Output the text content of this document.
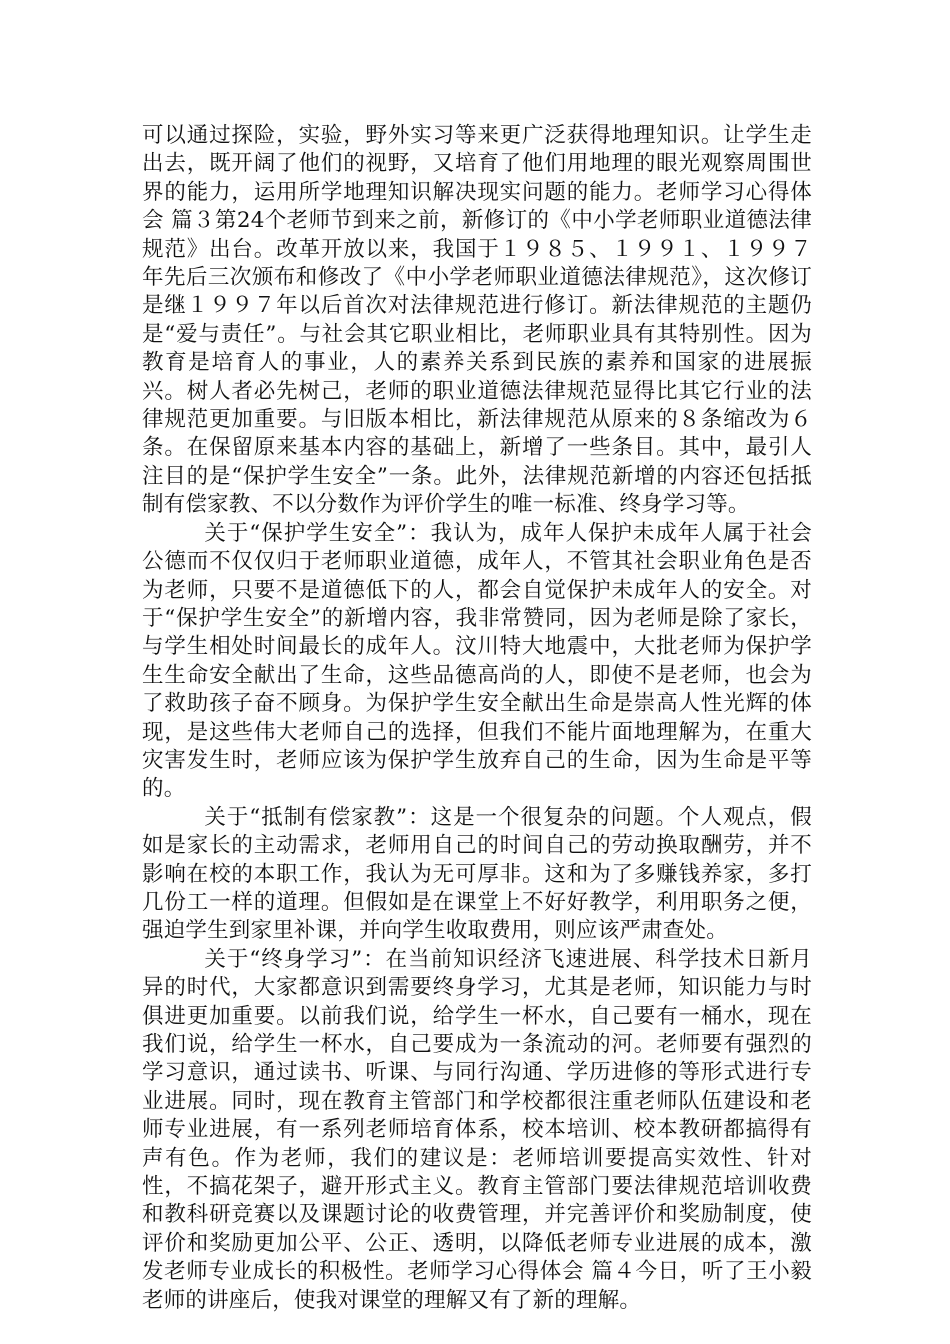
可以通过探险，实验，野外实习等来更广泛获得地理知识。让学生走出去，既开阔了他们的视野，又培育了他们用地理的眼光观察周围世界的能力，运用所学地理知识解决现实问题的能力。老师学习心得体会 篇３第24个老师节到来之前，新修订的《中小学老师职业道德法律规范》出台。改革开放以来，我国于１９８５、１９９１、１９９７年先后三次颁布和修改了《中小学老师职业道德法律规范》，这次修订是继１９９７年以后首次对法律规范进行修订。新法律规范的主题仍是“爱与责任”。与社会其它职业相比，老师职业具有其特别性。因为教育是培育人的事业，人的素养关系到民族的素养和国家的进展振兴。树人者必先树己，老师的职业道德法律规范显得比其它行业的法律规范更加重要。与旧版本相比，新法律规范从原来的８条缩改为６条。在保留原来基本内容的基础上，新增了一些条目。其中，最引人注目的是“保护学生安全”一条。此外，法律规范新增的内容还包括抵制有偿家教、不以分数作为评价学生的唯一标准、终身学习等。

关于“保护学生安全”：我认为，成年人保护未成年人属于社会公德而不仅仅归于老师职业道德，成年人，不管其社会职业角色是否为老师，只要不是道德低下的人，都会自觉保护未成年人的安全。对于“保护学生安全”的新增内容，我非常赞同，因为老师是除了家长，与学生相处时间最长的成年人。汶川特大地震中，大批老师为保护学生生命安全献出了生命，这些品德高尚的人，即使不是老师，也会为了救助孩子奋不顾身。为保护学生安全献出生命是崇高人性光辉的体现，是这些伟大老师自己的选择，但我们不能片面地理解为，在重大灾害发生时，老师应该为保护学生放弃自己的生命，因为生命是平等的。

关于“抵制有偿家教”：这是一个很复杂的问题。个人观点，假如是家长的主动需求，老师用自己的时间自己的劳动换取酬劳，并不影响在校的本职工作，我认为无可厚非。这和为了多赚钱养家，多打几份工一样的道理。但假如是在课堂上不好好教学，利用职务之便，强迫学生到家里补课，并向学生收取费用，则应该严肃查处。

关于“终身学习”：在当前知识经济飞速进展、科学技术日新月异的时代，大家都意识到需要终身学习，尤其是老师，知识能力与时俱进更加重要。以前我们说，给学生一杯水，自己要有一桶水，现在我们说，给学生一杯水，自己要成为一条流动的河。老师要有强烈的学习意识，通过读书、听课、与同行沟通、学历进修的等形式进行专业进展。同时，现在教育主管部门和学校都很注重老师队伍建设和老师专业进展，有一系列老师培育体系，校本培训、校本教研都搞得有声有色。作为老师，我们的建议是：老师培训要提高实效性、针对性，不搞花架子，避开形式主义。教育主管部门要法律规范培训收费和教科研竞赛以及课题讨论的收费管理，并完善评价和奖励制度，使评价和奖励更加公平、公正、透明，以降低老师专业进展的成本，激发老师专业成长的积极性。老师学习心得体会 篇４今日，听了王小毅老师的讲座后，使我对课堂的理解又有了新的理解。
